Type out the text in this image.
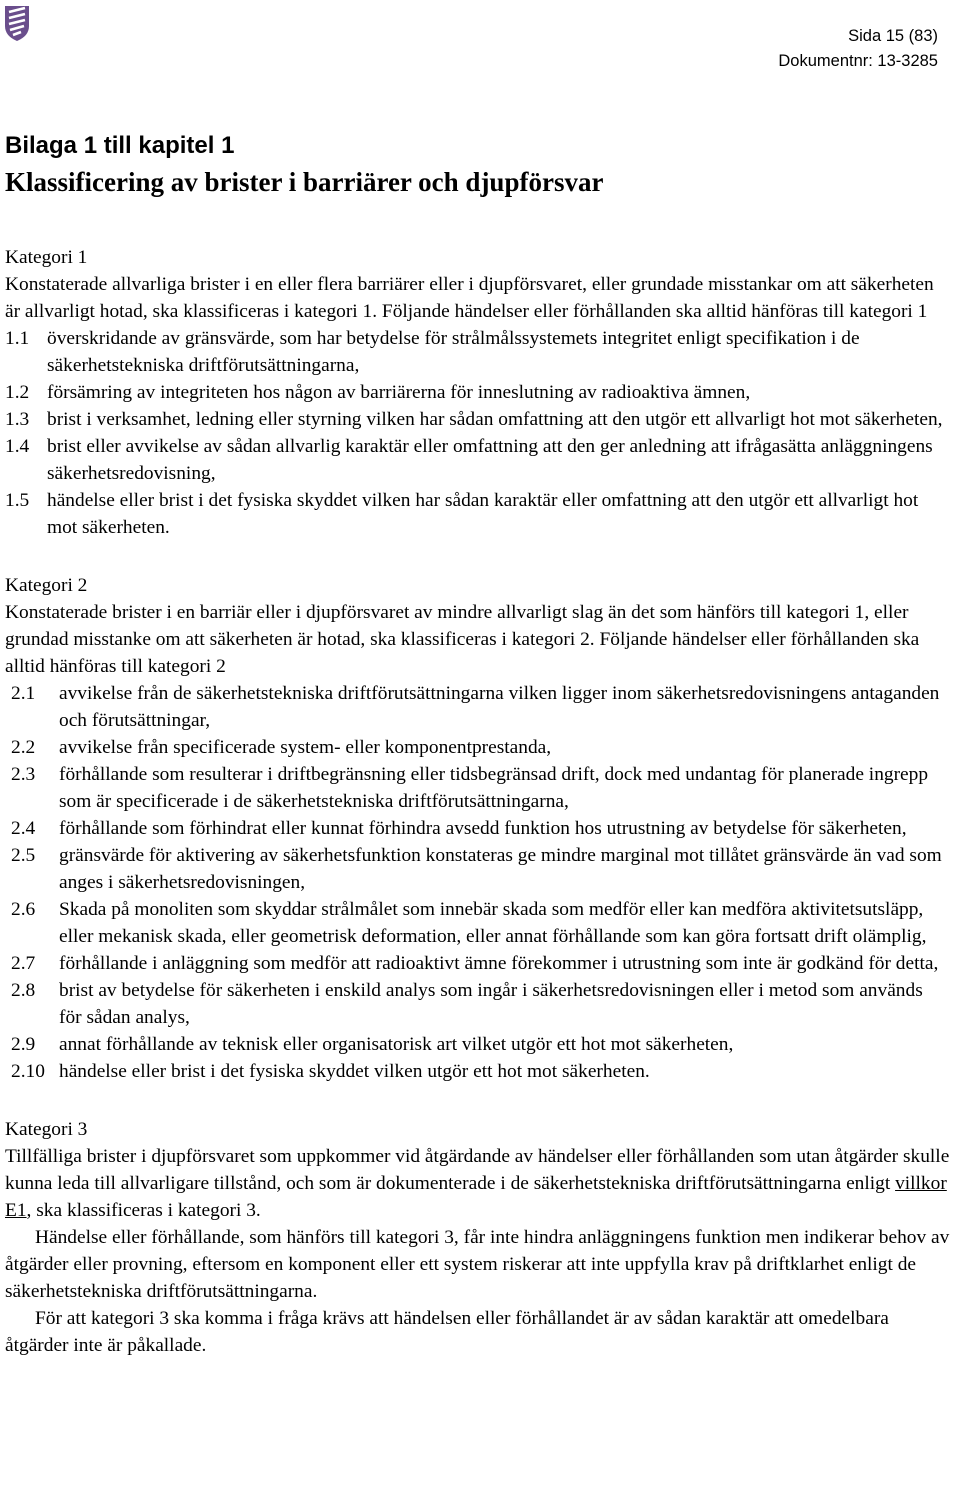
Sida 15 (83)
Dokumentnr: 13-3285
Bilaga 1 till kapitel 1
Klassificering av brister i barriärer och djupförsvar

Kategori 1

Konstaterade allvarliga brister i en eller flera barriärer eller i djupförsvaret, eller grundade misstankar om att säkerheten är allvarligt hotad, ska klassificeras i kategori 1. Följande händelser eller förhållanden ska alltid hänföras till kategori 1

1.1 överskridande av gränsvärde, som har betydelse för strålmålssystemets integritet enligt specifikation i de säkerhetstekniska driftförutsättningarna,
1.2 försämring av integriteten hos någon av barriärerna för inneslutning av radioaktiva ämnen,
1.3 brist i verksamhet, ledning eller styrning vilken har sådan omfattning att den utgör ett allvarligt hot mot säkerheten,
1.4 brist eller avvikelse av sådan allvarlig karaktär eller omfattning att den ger anledning att ifrågasätta anläggningens säkerhetsredovisning,
1.5 händelse eller brist i det fysiska skyddet vilken har sådan karaktär eller omfattning att den utgör ett allvarligt hot mot säkerheten.

Kategori 2

Konstaterade brister i en barriär eller i djupförsvaret av mindre allvarligt slag än det som hänförs till kategori 1, eller grundad misstanke om att säkerheten är hotad, ska klassificeras i kategori 2. Följande händelser eller förhållanden ska alltid hänföras till kategori 2

2.1	avvikelse från de säkerhetstekniska driftförutsättningarna vilken ligger inom säkerhetsredovisningens antaganden och förutsättningar,
2.2	avvikelse från specificerade system- eller komponentprestanda,
2.3	förhållande som resulterar i driftbegränsning eller tidsbegränsad drift, dock med undantag för planerade ingrepp som är specificerade i de säkerhetstekniska driftförutsättningarna,
2.4	förhållande som förhindrat eller kunnat förhindra avsedd funktion hos utrustning av betydelse för säkerheten,
2.5	gränsvärde för aktivering av säkerhetsfunktion konstateras ge mindre marginal mot tillåtet gränsvärde än vad som anges i säkerhetsredovisningen,
2.6	Skada på monoliten som skyddar strålmålet som innebär skada som medför eller kan medföra aktivitetsutsläpp, eller mekanisk skada, eller geometrisk deformation, eller annat förhållande som kan göra fortsatt drift olämplig,
2.7	förhållande i anläggning som medför att radioaktivt ämne förekommer i utrustning som inte är godkänd för detta,
2.8	brist av betydelse för säkerheten i enskild analys som ingår i säkerhetsredovisningen eller i metod som används för sådan analys,
2.9	annat förhållande av teknisk eller organisatorisk art vilket utgör ett hot mot säkerheten,
2.10 händelse eller brist i det fysiska skyddet vilken utgör ett hot mot säkerheten.

Kategori 3

Tillfälliga brister i djupförsvaret som uppkommer vid åtgärdande av händelser eller förhållanden som utan åtgärder skulle kunna leda till allvarligare tillstånd, och som är dokumenterade i de säkerhetstekniska driftförutsättningarna enligt villkor E1, ska klassificeras i kategori 3.

Händelse eller förhållande, som hänförs till kategori 3, får inte hindra anläggningens funktion men indikerar behov av åtgärder eller provning, eftersom en komponent eller ett system riskerar att inte uppfylla krav på driftklarhet enligt de säkerhetstekniska driftförutsättningarna.

För att kategori 3 ska komma i fråga krävs att händelsen eller förhållandet är av sådan karaktär att omedelbara åtgärder inte är påkallade.
